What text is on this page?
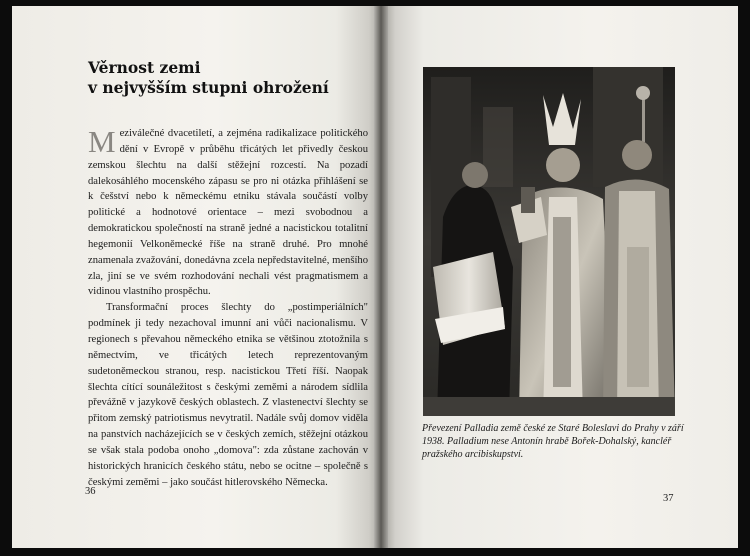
Věrnost zemi
v nejvyšším stupni ohrožení

Meziválečné dvacetiletí, a zejména radikalizace politického dění v Evropě v průběhu třicátých let přivedly českou zemskou šlechtu na další stěžejní rozcestí. Na pozadí dalekosáhlého mocenského zápasu se pro ni otázka přihlášení se k češství nebo k německému etniku stávala součástí volby politické a hodnotové orientace – mezi svobodnou a demokratickou společností na straně jedné a nacistickou totalitní hegemonií Velkoněmecké říše na straně druhé. Pro mnohé znamenala zvažování, donedávna zcela nepředstavitelné, menšího zla, jiní se ve svém rozhodování nechali vést pragmatismem a vidinou vlastního prospěchu.

Transformační proces šlechty do „postimperiálních" podmínek ji tedy nezachoval imunní ani vůči nacionalismu. V regionech s převahou německého etnika se většinou ztotožnila s němectvím, ve třicátých letech reprezentovaným sudetoněmeckou stranou, resp. nacistickou Třetí říší. Naopak šlechta cítící sounáležitost s českými zeměmi a národem sídlila převážně v jazykově českých oblastech. Z vlastenectví šlechty se přitom zemský patriotismus nevytratil. Nadále svůj domov viděla na panstvích nacházejících se v českých zemích, stěžejní otázkou se však stala podoba onoho „domova": zda zůstane zachován v historických hranicích českého státu, nebo se ocitne – společně s českými zeměmi – jako součást hitlerovského Německa.

36
Převezení Palladia země české ze Staré Boleslavi do Prahy v září
1938. Palladium nese Antonín hrabě Bořek-Dohalský, kancléř
pražského arcibiskupství.
37
